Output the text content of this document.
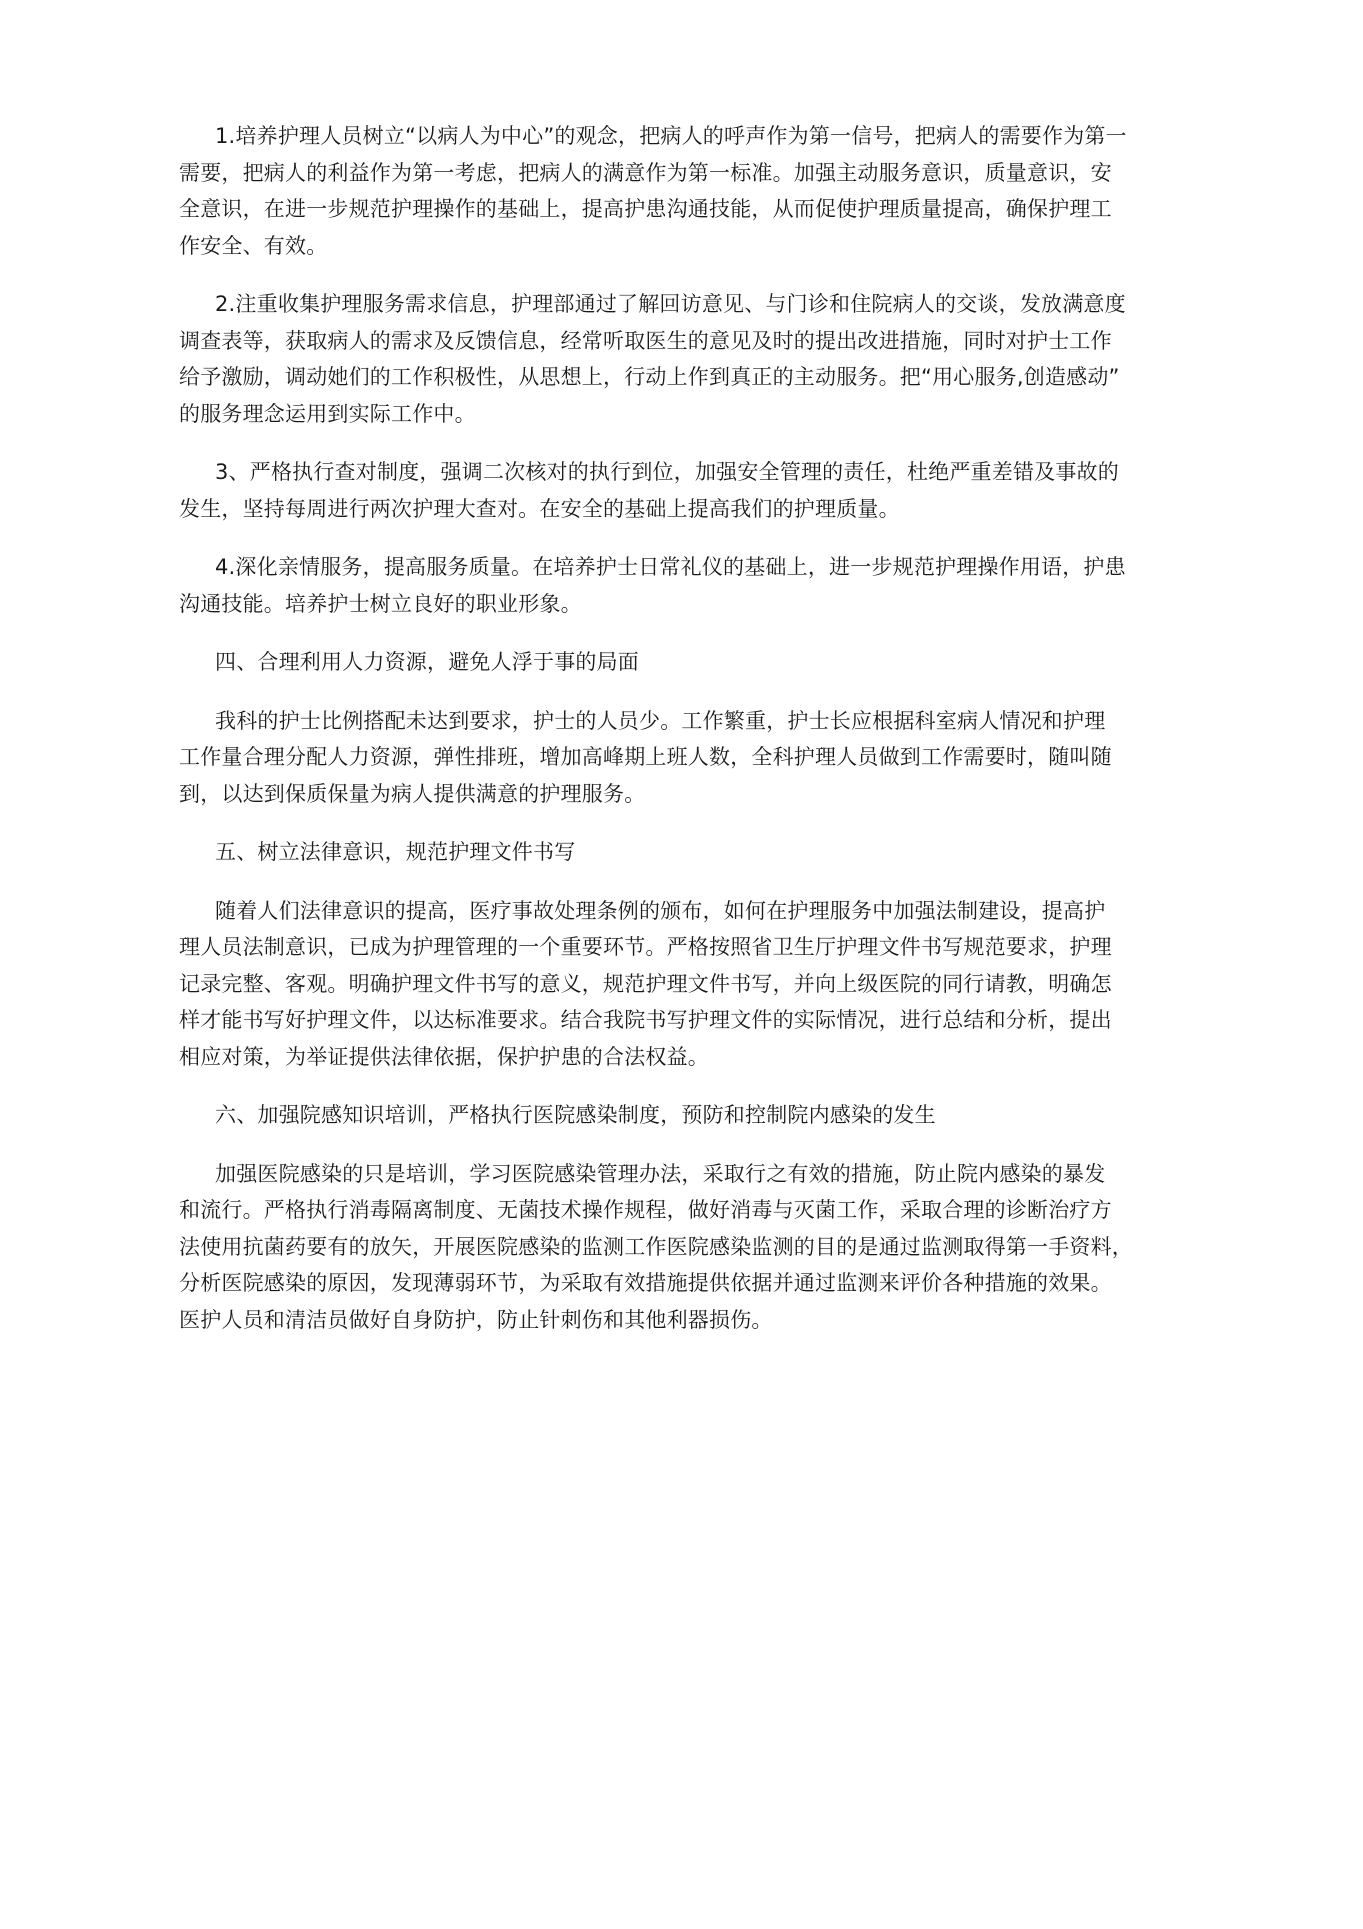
1.培养护理人员树立“以病人为中心”的观念，把病人的呼声作为第一信号，把病人的需要作为第一
需要，把病人的利益作为第一考虑，把病人的满意作为第一标准。加强主动服务意识，质量意识，安
全意识，在进一步规范护理操作的基础上，提高护患沟通技能，从而促使护理质量提高，确保护理工
作安全、有效。
2.注重收集护理服务需求信息，护理部通过了解回访意见、与门诊和住院病人的交谈，发放满意度
调查表等，获取病人的需求及反馈信息，经常听取医生的意见及时的提出改进措施，同时对护士工作
给予激励，调动她们的工作积极性，从思想上，行动上作到真正的主动服务。把“用心服务,创造感动”
的服务理念运用到实际工作中。
3、严格执行查对制度，强调二次核对的执行到位，加强安全管理的责任，杜绝严重差错及事故的
发生，坚持每周进行两次护理大查对。在安全的基础上提高我们的护理质量。
4.深化亲情服务，提高服务质量。在培养护士日常礼仪的基础上，进一步规范护理操作用语，护患
沟通技能。培养护士树立良好的职业形象。
四、合理利用人力资源，避免人浮于事的局面
我科的护士比例搭配未达到要求，护士的人员少。工作繁重，护士长应根据科室病人情况和护理
工作量合理分配人力资源，弹性排班，增加高峰期上班人数，全科护理人员做到工作需要时，随叫随
到，以达到保质保量为病人提供满意的护理服务。
五、树立法律意识，规范护理文件书写
随着人们法律意识的提高，医疗事故处理条例的颁布，如何在护理服务中加强法制建设，提高护
理人员法制意识，已成为护理管理的一个重要环节。严格按照省卫生厅护理文件书写规范要求，护理
记录完整、客观。明确护理文件书写的意义，规范护理文件书写，并向上级医院的同行请教，明确怎
样才能书写好护理文件，以达标准要求。结合我院书写护理文件的实际情况，进行总结和分析，提出
相应对策，为举证提供法律依据，保护护患的合法权益。
六、加强院感知识培训，严格执行医院感染制度，预防和控制院内感染的发生
加强医院感染的只是培训，学习医院感染管理办法，采取行之有效的措施，防止院内感染的暴发
和流行。严格执行消毒隔离制度、无菌技术操作规程，做好消毒与灭菌工作，采取合理的诊断治疗方
法使用抗菌药要有的放矢，开展医院感染的监测工作医院感染监测的目的是通过监测取得第一手资料，
分析医院感染的原因，发现薄弱环节，为采取有效措施提供依据并通过监测来评价各种措施的效果。
医护人员和清洁员做好自身防护，防止针刺伤和其他利器损伤。
